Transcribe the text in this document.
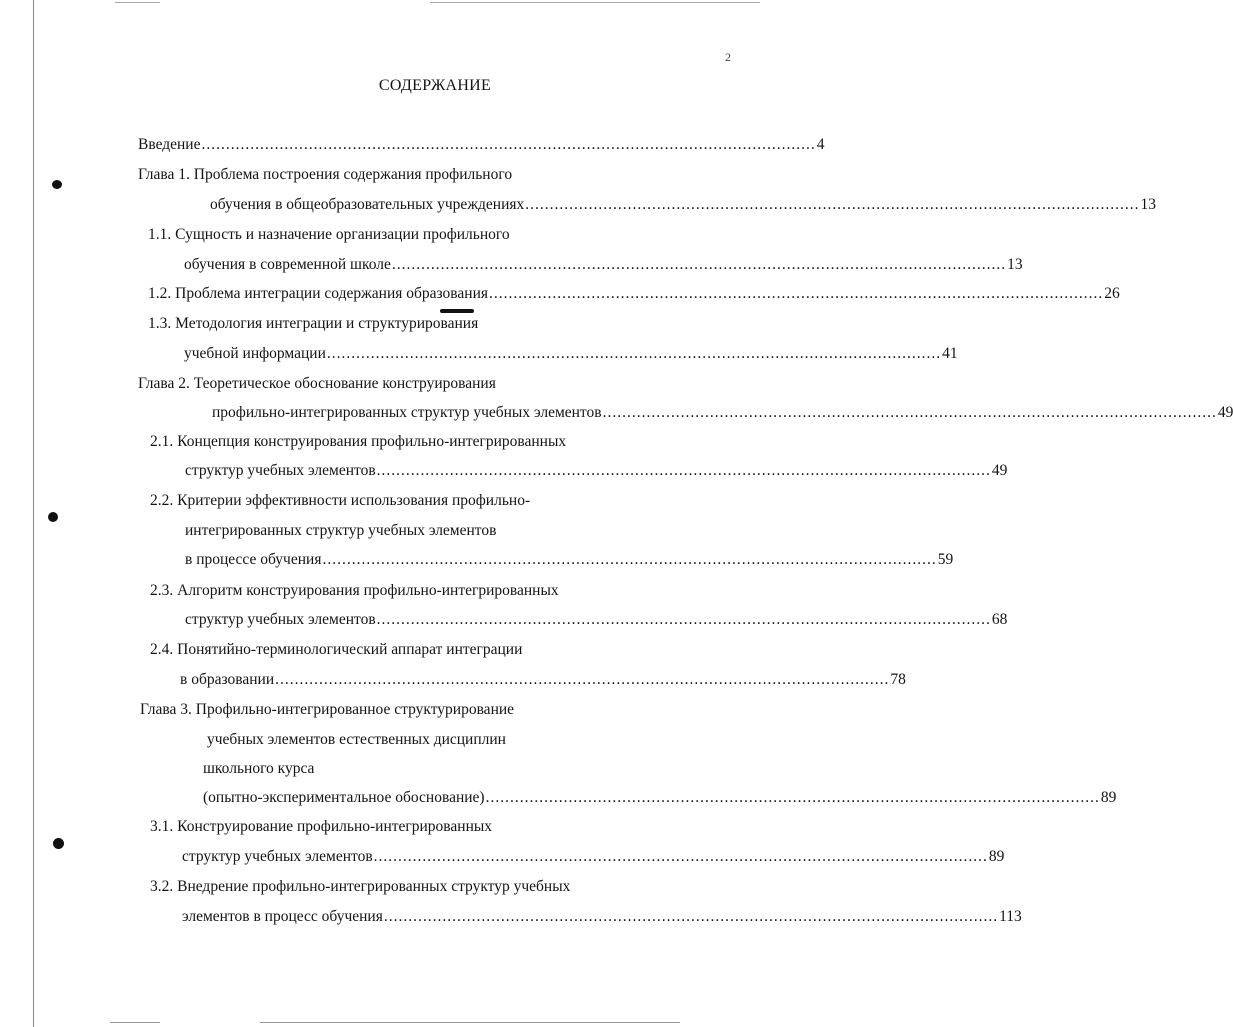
2
СОДЕРЖАНИЕ
Введение .............................................................................................................................. 4
Глава 1. Проблема построения содержания профильного
обучения в общеобразовательных учреждениях .............................................................................................................................. 13
1.1. Сущность и назначение организации профильного
обучения в современной школе .............................................................................................................................. 13
1.2. Проблема интеграции содержания образования .............................................................................................................................. 26
1.3. Методология интеграции и структурирования
учебной информации .............................................................................................................................. 41
Глава 2. Теоретическое обоснование конструирования
профильно-интегрированных структур учебных элементов .............................................................................................................................. 49
2.1. Концепция конструирования профильно-интегрированных
структур учебных элементов .............................................................................................................................. 49
2.2. Критерии эффективности использования профильно-
интегрированных структур учебных элементов
в процессе обучения .............................................................................................................................. 59
2.3. Алгоритм конструирования профильно-интегрированных
структур учебных элементов .............................................................................................................................. 68
2.4. Понятийно-терминологический аппарат интеграции
в образовании .............................................................................................................................. 78
Глава 3. Профильно-интегрированное структурирование
учебных элементов естественных дисциплин
школьного курса
(опытно-экспериментальное обоснование) .............................................................................................................................. 89
3.1. Конструирование профильно-интегрированных
структур учебных элементов .............................................................................................................................. 89
3.2. Внедрение профильно-интегрированных структур учебных
элементов в процесс обучения .............................................................................................................................. 113
